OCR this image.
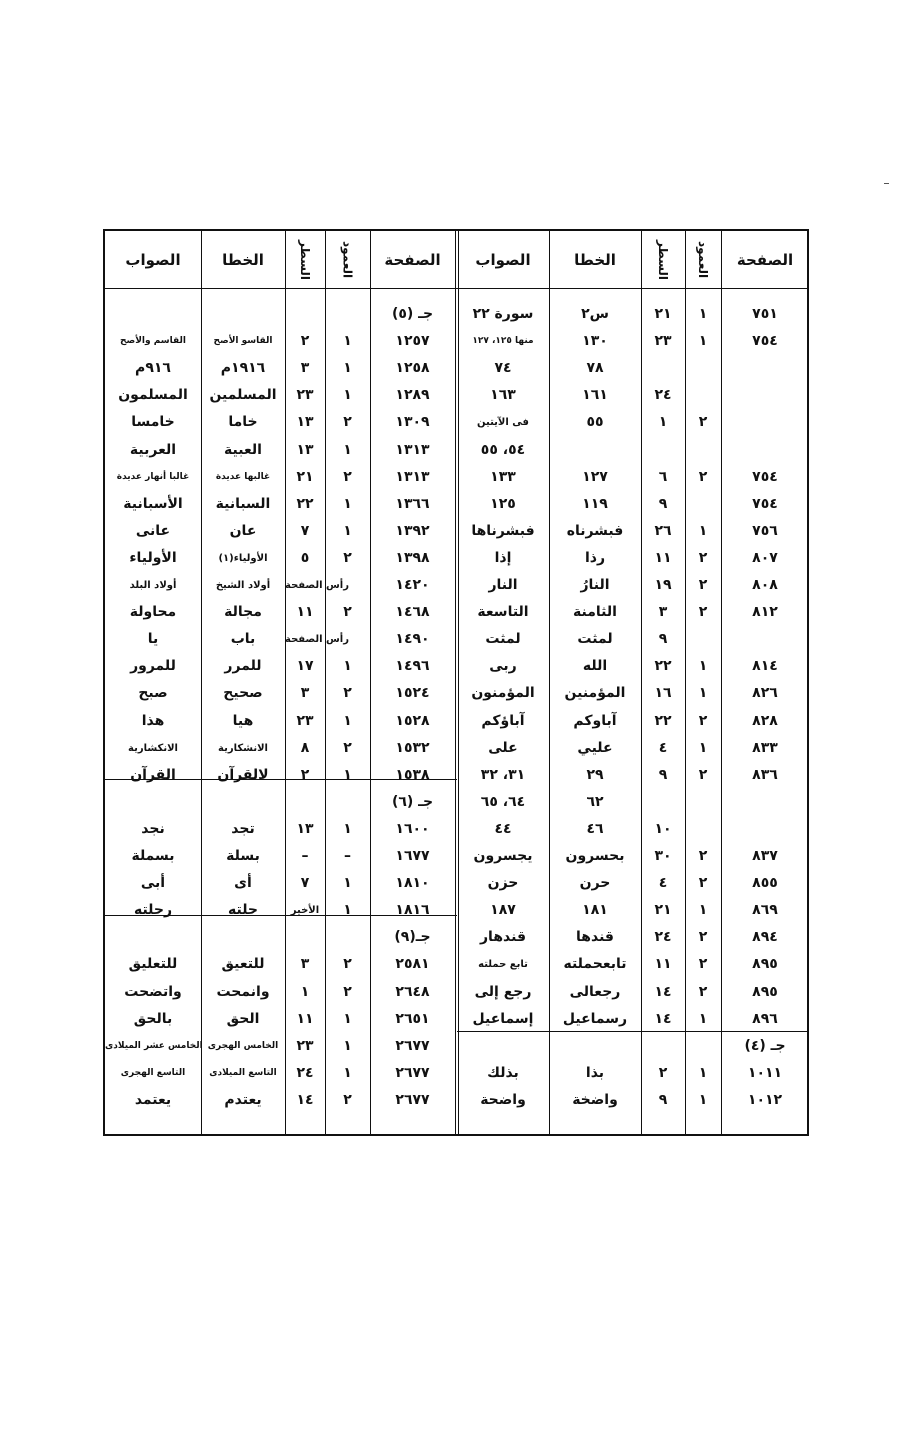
الصفحة
العمود
السطر
الخطا
الصواب
الصفحة
العمود
السطر
الخطا
الصواب
٧٥١
١
٢١
س٢
سورة ٢٢
٧٥٤
١
٢٣
١٣٠
منها ١٢٥، ١٢٧
٧٨
٧٤
٢٤
١٦١
١٦٣
٢
١
٥٥
فى الآيتين
٥٤، ٥٥
٧٥٤
٢
٦
١٢٧
١٣٣
٧٥٤
٩
١١٩
١٢٥
٧٥٦
١
٢٦
فبشرناه
فبشرناها
٨٠٧
٢
١١
رذا
إذا
٨٠٨
٢
١٩
النارُ
النار
٨١٢
٢
٣
الثامنة
التاسعة
٩
لمثت
لمثت
٨١٤
١
٢٢
الله
ربى
٨٢٦
١
١٦
المؤمنين
المؤمنون
٨٢٨
٢
٢٢
آباوكم
آباؤكم
٨٣٣
١
٤
عليي
على
٨٣٦
٢
٩
٢٩
٣١، ٣٢
٦٢
٦٤، ٦٥
١٠
٤٦
٤٤
٨٣٧
٢
٣٠
بحسرون
يجسرون
٨٥٥
٢
٤
حرن
حزن
٨٦٩
١
٢١
١٨١
١٨٧
٨٩٤
٢
٢٤
قندها
قندهار
٨٩٥
٢
١١
تابعحملته
تابع حملته
٨٩٥
٢
١٤
رجعالى
رجع إلى
٨٩٦
١
١٤
رسماعيل
إسماعيل
جـ (٤)
١٠١١
١
٢
بذا
بذلك
١٠١٢
١
٩
واضخة
واضحة
جـ (٥)
١٢٥٧
١
٢
القاسو الأصح
القاسم والأصح
١٢٥٨
١
٣
١٩١٦م
٩١٦م
١٢٨٩
١
٢٣
المسلمين
المسلمون
١٣٠٩
٢
١٣
خاما
خامسا
١٣١٣
١
١٣
العبية
العربية
١٣١٣
٢
٢١
غالبها عديدة
غالبا أنهار عديدة
١٣٦٦
١
٢٢
السبانية
الأسبانية
١٣٩٢
١
٧
عان
عانى
١٣٩٨
٢
٥
الأولياء(١)
الأولياء
١٤٢٠
رأس الصفحة
أولاد الشيخ
أولاد البلد
١٤٦٨
٢
١١
مجالة
محاولة
١٤٩٠
رأس الصفحة
باب
يا
١٤٩٦
١
١٧
للمرر
للمرور
١٥٢٤
٢
٣
صحيح
صبح
١٥٢٨
١
٢٣
هيا
هذا
١٥٣٢
٢
٨
الانشكارية
الانكشارية
١٥٣٨
١
٢
لالقرآن
القرآن
جـ (٦)
١٦٠٠
١
١٣
تجد
نجد
١٦٧٧
–
–
بسلة
بسملة
١٨١٠
١
٧
أى
أبى
١٨١٦
١
الأخير
حلته
رحلته
جـ(٩)
٢٥٨١
٢
٣
للتعيق
للتعليق
٢٦٤٨
٢
١
وانمحت
واتضحت
٢٦٥١
١
١١
الحق
بالحق
٢٦٧٧
١
٢٣
الخامس الهجرى
الخامس عشر الميلادى
٢٦٧٧
١
٢٤
التاسع الميلادى
التاسع الهجرى
٢٦٧٧
٢
١٤
يعتدم
يعتمد
